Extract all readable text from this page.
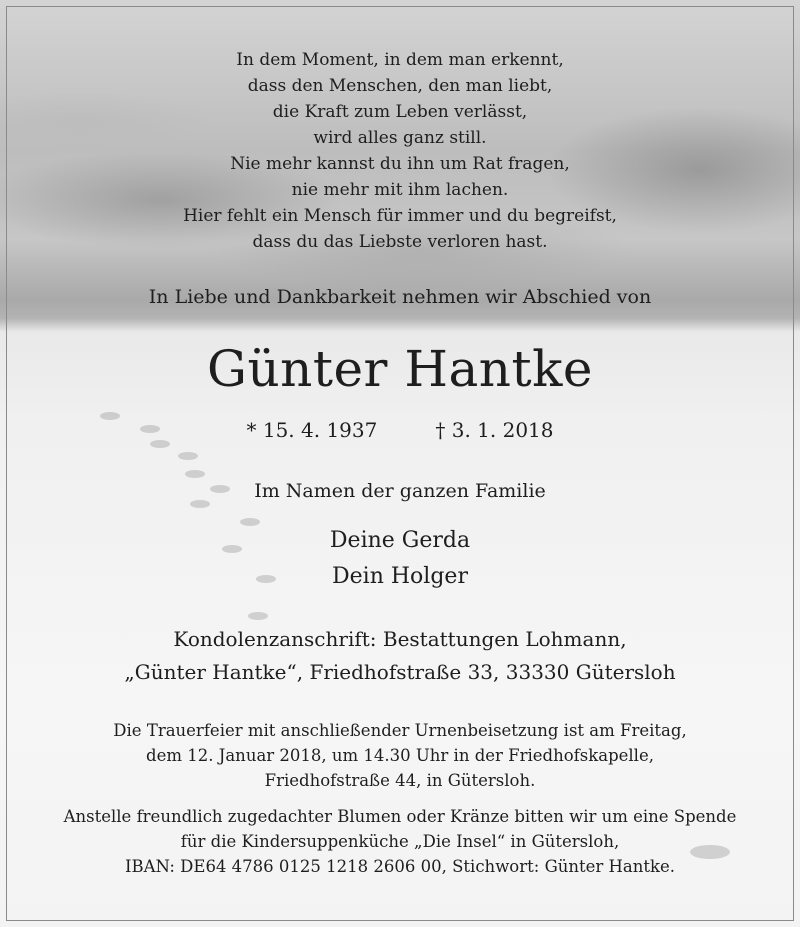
In dem Moment, in dem man erkennt,
dass den Menschen, den man liebt,
die Kraft zum Leben verlässt,
wird alles ganz still.
Nie mehr kannst du ihn um Rat fragen,
nie mehr mit ihm lachen.
Hier fehlt ein Mensch für immer und du begreifst,
dass du das Liebste verloren hast.
In Liebe und Dankbarkeit nehmen wir Abschied von
Günter Hantke
* 15. 4. 1937	† 3. 1. 2018
Im Namen der ganzen Familie
Deine Gerda
Dein Holger
Kondolenzanschrift: Bestattungen Lohmann,
„Günter Hantke“, Friedhofstraße 33, 33330 Gütersloh
Die Trauerfeier mit anschließender Urnenbeisetzung ist am Freitag,
dem 12. Januar 2018, um 14.30 Uhr in der Friedhofskapelle,
Friedhofstraße 44, in Gütersloh.
Anstelle freundlich zugedachter Blumen oder Kränze bitten wir um eine Spende
für die Kindersuppenküche „Die Insel“ in Gütersloh,
IBAN: DE64 4786 0125 1218 2606 00, Stichwort: Günter Hantke.
